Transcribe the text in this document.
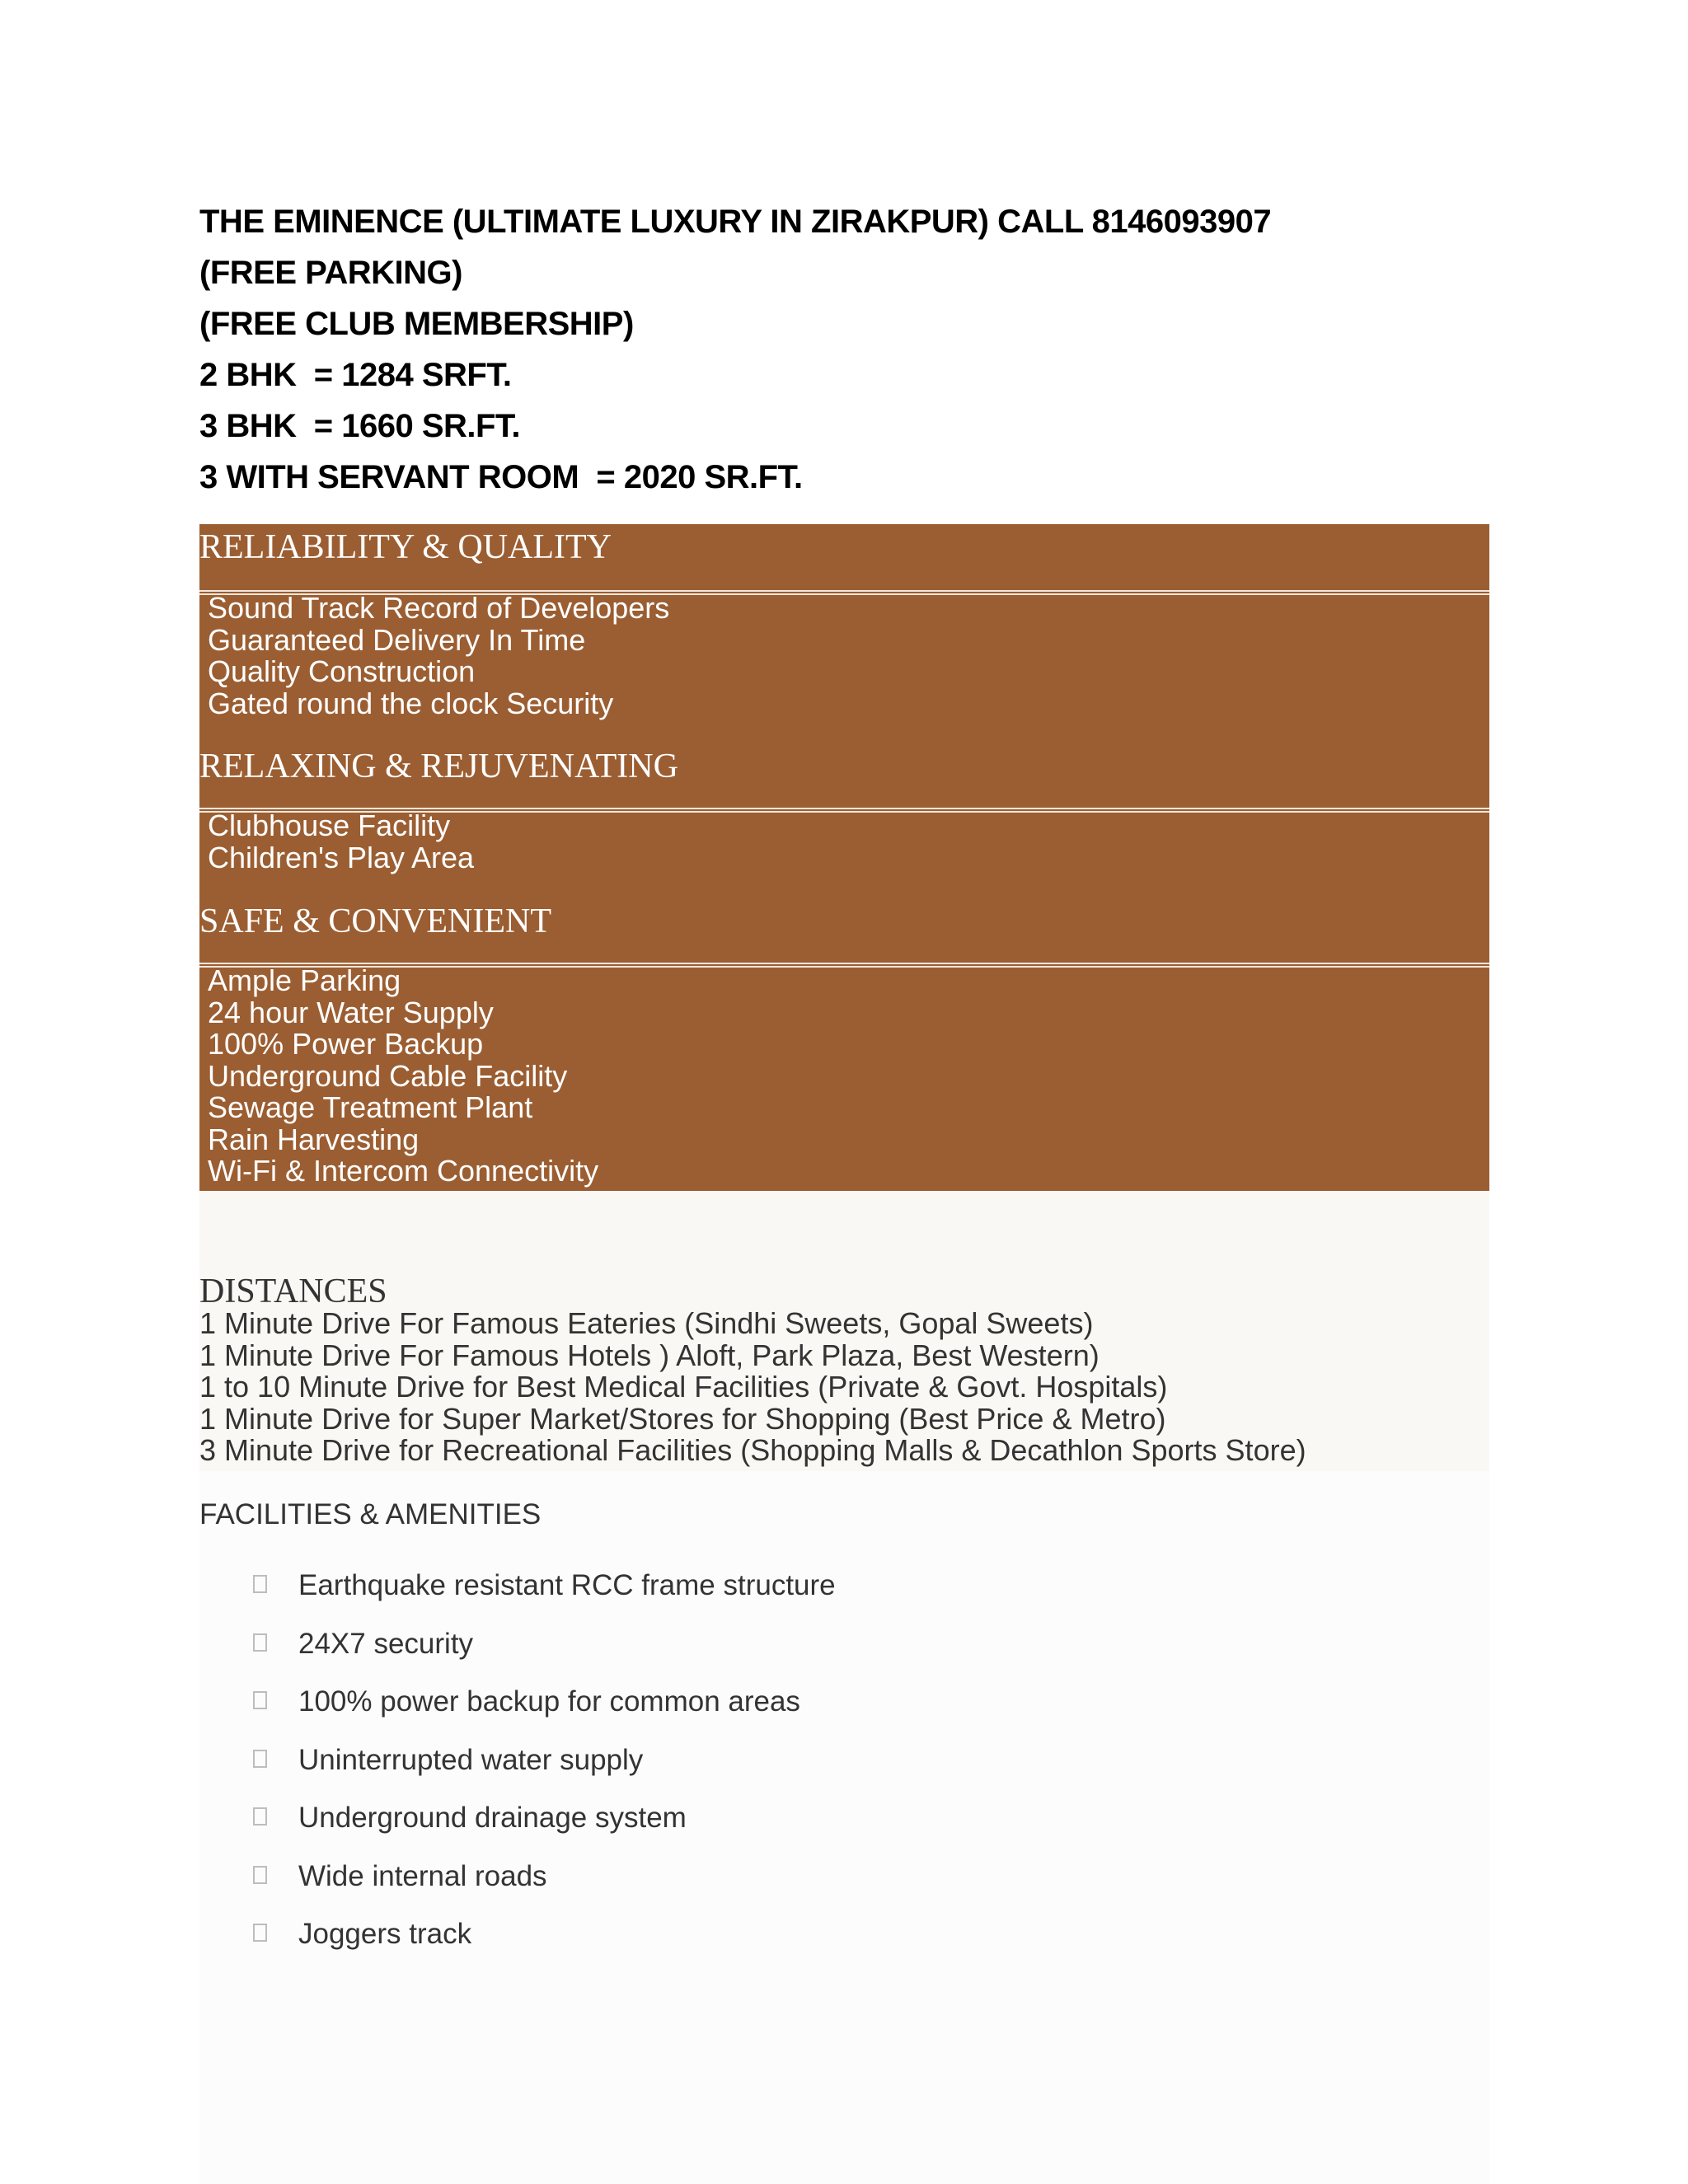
THE EMINENCE (ULTIMATE LUXURY IN ZIRAKPUR) CALL 8146093907
(FREE PARKING)
(FREE CLUB MEMBERSHIP)
2 BHK  = 1284 SRFT.
3 BHK  = 1660 SR.FT.
3 WITH SERVANT ROOM  = 2020 SR.FT.
RELIABILITY & QUALITY
Sound Track Record of Developers
Guaranteed Delivery In Time
Quality Construction
Gated round the clock Security
RELAXING & REJUVENATING
Clubhouse Facility
Children's Play Area
SAFE & CONVENIENT
Ample Parking
24 hour Water Supply
100% Power Backup
Underground Cable Facility
Sewage Treatment Plant
Rain Harvesting
Wi-Fi & Intercom Connectivity
DISTANCES
1 Minute Drive For Famous Eateries (Sindhi Sweets, Gopal Sweets)
1 Minute Drive For Famous Hotels ) Aloft, Park Plaza, Best Western)
1 to 10 Minute Drive for Best Medical Facilities (Private & Govt. Hospitals)
1 Minute Drive for Super Market/Stores for Shopping (Best Price & Metro)
3 Minute Drive for Recreational Facilities (Shopping Malls & Decathlon Sports Store)
FACILITIES & AMENITIES
Earthquake resistant RCC frame structure
24X7 security
100% power backup for common areas
Uninterrupted water supply
Underground drainage system
Wide internal roads
Joggers track
